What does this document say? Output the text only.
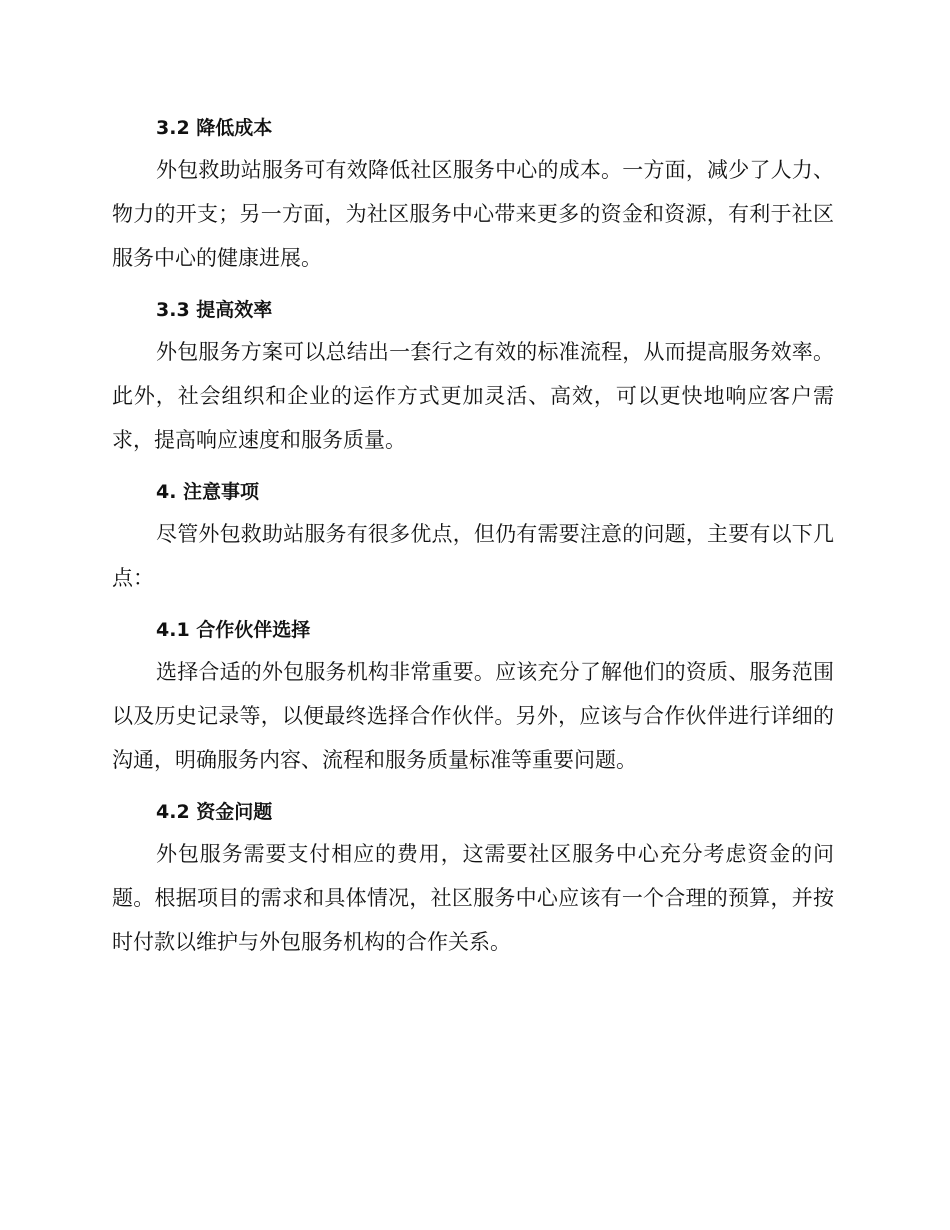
3.2 降低成本

外包救助站服务可有效降低社区服务中心的成本。一方面，减少了人力、物力的开支；另一方面，为社区服务中心带来更多的资金和资源，有利于社区服务中心的健康进展。

3.3 提高效率

外包服务方案可以总结出一套行之有效的标准流程，从而提高服务效率。此外，社会组织和企业的运作方式更加灵活、高效，可以更快地响应客户需求，提高响应速度和服务质量。

4. 注意事项

尽管外包救助站服务有很多优点，但仍有需要注意的问题，主要有以下几点：

4.1 合作伙伴选择

选择合适的外包服务机构非常重要。应该充分了解他们的资质、服务范围以及历史记录等，以便最终选择合作伙伴。另外，应该与合作伙伴进行详细的沟通，明确服务内容、流程和服务质量标准等重要问题。

4.2 资金问题

外包服务需要支付相应的费用，这需要社区服务中心充分考虑资金的问题。根据项目的需求和具体情况，社区服务中心应该有一个合理的预算，并按时付款以维护与外包服务机构的合作关系。
